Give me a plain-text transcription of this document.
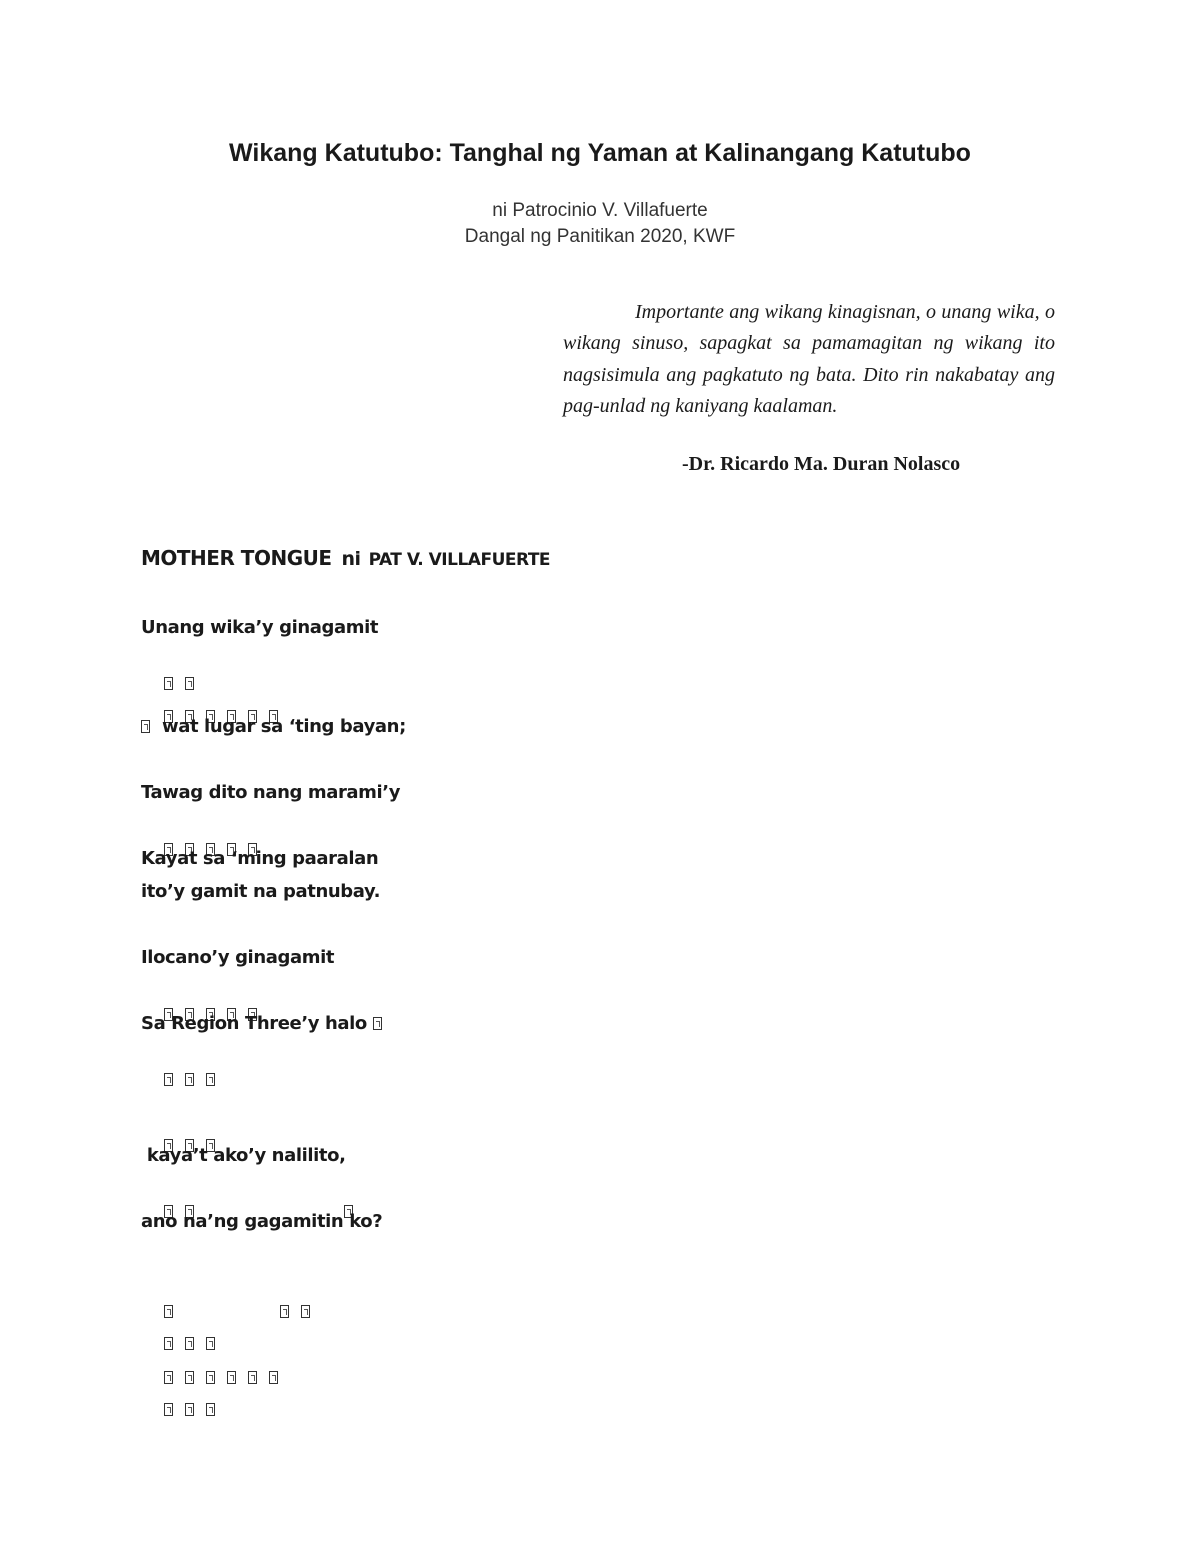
Wikang Katutubo: Tanghal ng Yaman at Kalinangang Katutubo
ni Patrocinio V. Villafuerte
Dangal ng Panitikan 2020, KWF

Importante ang wikang kinagisnan, o unang wika, o wikang sinuso, sapagkat sa pamamagitan ng wikang ito nagsisimula ang pagkatuto ng bata. Dito rin nakabatay ang pag-unlad ng kaniyang kaalaman.

-Dr. Ricardo Ma. Duran Nolasco
MOTHER TONGUE ni PAT V. VILLAFUERTE
Unang wika’y ginagamit

wat lugar sa ‘ting bayan;
Tawag dito nang marami’y

Kayat sa ‘ming paaralan
ito’y gamit na patnubay.
Ilocano’y ginagamit

Sa Region Three’y halo

kaya’t ako’y nalilito,

ano na’ng gagamitin ko?
